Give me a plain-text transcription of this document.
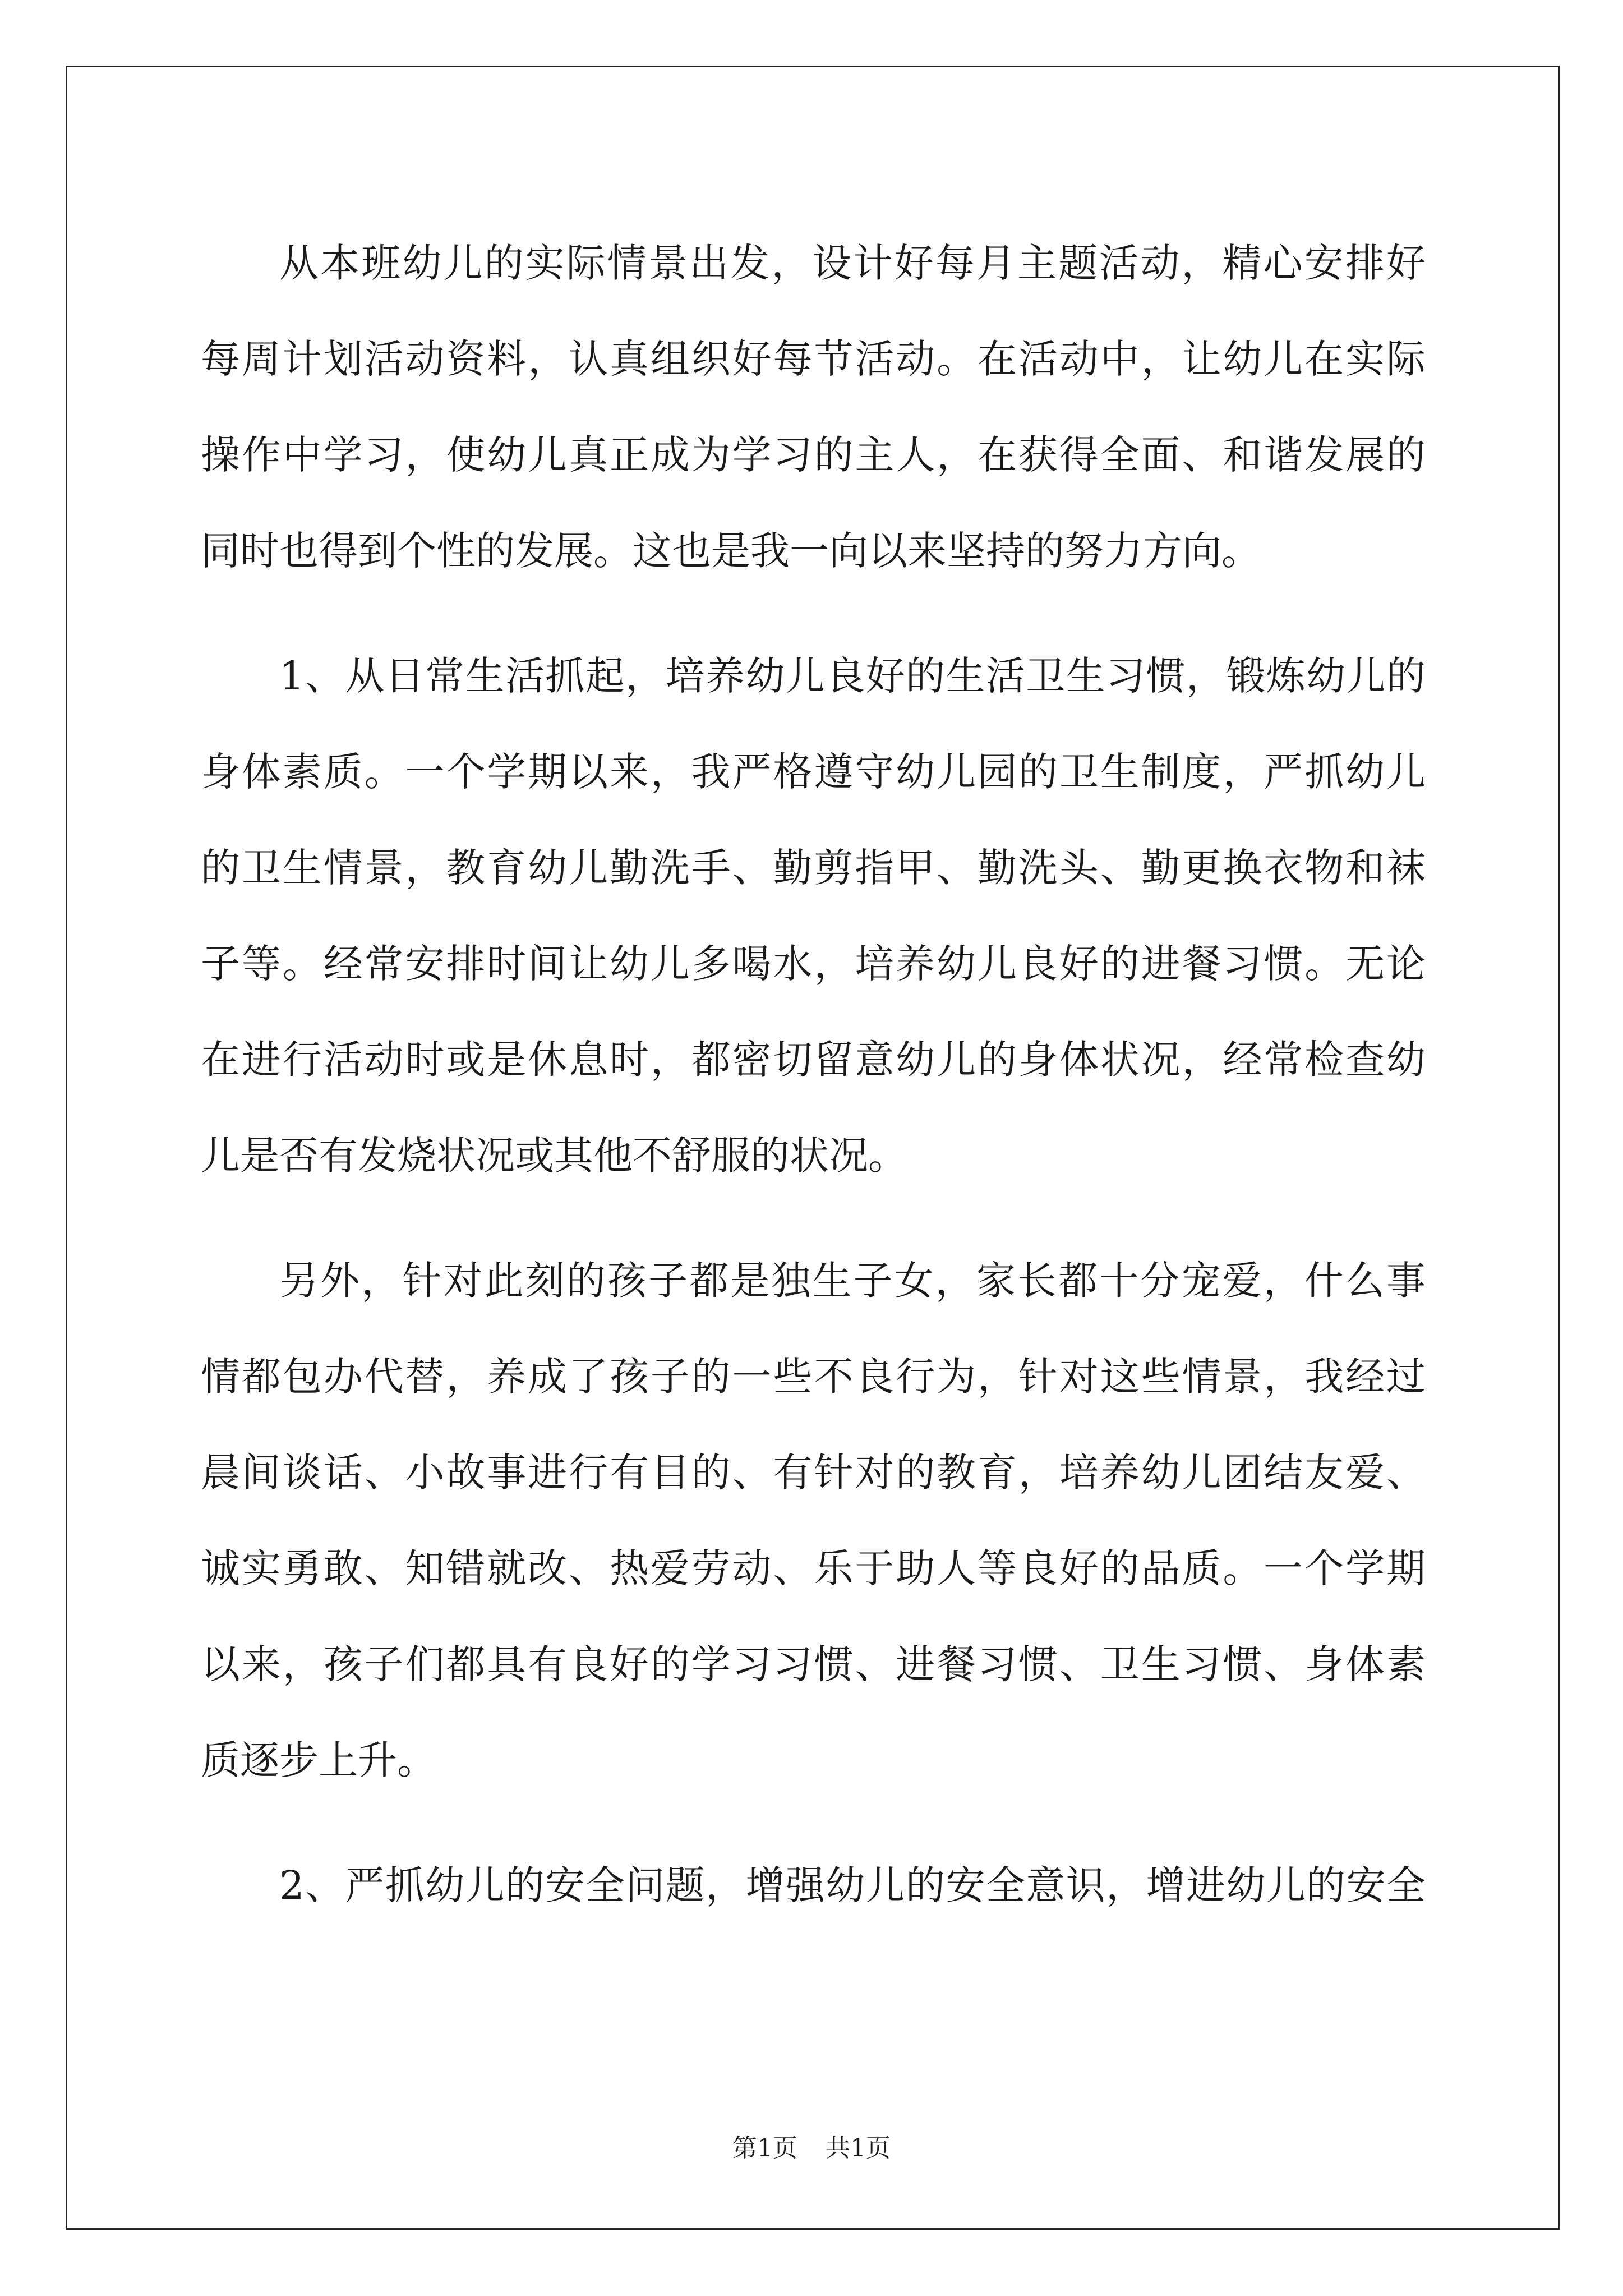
从本班幼儿的实际情景出发，设计好每月主题活动，精心安排好
每周计划活动资料，认真组织好每节活动。在活动中，让幼儿在实际
操作中学习，使幼儿真正成为学习的主人，在获得全面、和谐发展的
同时也得到个性的发展。这也是我一向以来坚持的努力方向。
1、从日常生活抓起，培养幼儿良好的生活卫生习惯，锻炼幼儿的
身体素质。一个学期以来，我严格遵守幼儿园的卫生制度，严抓幼儿
的卫生情景，教育幼儿勤洗手、勤剪指甲、勤洗头、勤更换衣物和袜
子等。经常安排时间让幼儿多喝水，培养幼儿良好的进餐习惯。无论
在进行活动时或是休息时，都密切留意幼儿的身体状况，经常检查幼
儿是否有发烧状况或其他不舒服的状况。
另外，针对此刻的孩子都是独生子女，家长都十分宠爱，什么事
情都包办代替，养成了孩子的一些不良行为，针对这些情景，我经过
晨间谈话、小故事进行有目的、有针对的教育，培养幼儿团结友爱、
诚实勇敢、知错就改、热爱劳动、乐于助人等良好的品质。一个学期
以来，孩子们都具有良好的学习习惯、进餐习惯、卫生习惯、身体素
质逐步上升。
2、严抓幼儿的安全问题，增强幼儿的安全意识，增进幼儿的安全
第1页 共1页
